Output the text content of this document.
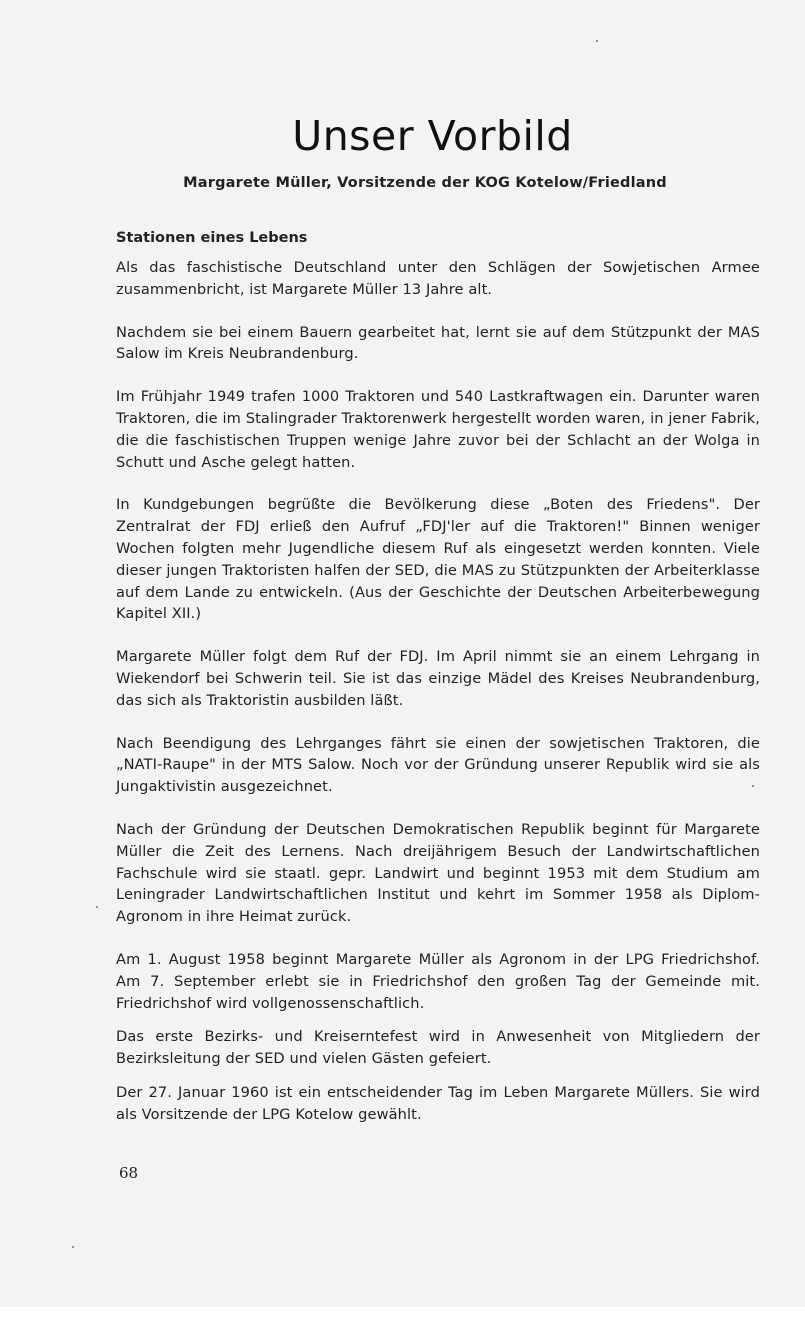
Unser Vorbild
Margarete Müller, Vorsitzende der KOG Kotelow/Friedland
Stationen eines Lebens

Als das faschistische Deutschland unter den Schlägen der Sowjetischen Armee zusammenbricht, ist Margarete Müller 13 Jahre alt.

Nachdem sie bei einem Bauern gearbeitet hat, lernt sie auf dem Stützpunkt der MAS Salow im Kreis Neubrandenburg.

Im Frühjahr 1949 trafen 1000 Traktoren und 540 Lastkraftwagen ein. Darunter waren Traktoren, die im Stalingrader Traktorenwerk hergestellt worden waren, in jener Fabrik, die die faschistischen Truppen wenige Jahre zuvor bei der Schlacht an der Wolga in Schutt und Asche gelegt hatten.

In Kundgebungen begrüßte die Bevölkerung diese „Boten des Friedens". Der Zentralrat der FDJ erließ den Aufruf „FDJ'ler auf die Traktoren!" Binnen weniger Wochen folgten mehr Jugendliche diesem Ruf als eingesetzt werden konnten. Viele dieser jungen Traktoristen halfen der SED, die MAS zu Stützpunkten der Arbeiterklasse auf dem Lande zu entwickeln. (Aus der Geschichte der Deutschen Arbeiterbewegung Kapitel XII.)

Margarete Müller folgt dem Ruf der FDJ. Im April nimmt sie an einem Lehrgang in Wiekendorf bei Schwerin teil. Sie ist das einzige Mädel des Kreises Neubrandenburg, das sich als Traktoristin ausbilden läßt.

Nach Beendigung des Lehrganges fährt sie einen der sowjetischen Traktoren, die „NATI-Raupe" in der MTS Salow. Noch vor der Gründung unserer Republik wird sie als Jungaktivistin ausgezeichnet.

Nach der Gründung der Deutschen Demokratischen Republik beginnt für Margarete Müller die Zeit des Lernens. Nach dreijährigem Besuch der Landwirtschaftlichen Fachschule wird sie staatl. gepr. Landwirt und beginnt 1953 mit dem Studium am Leningrader Landwirtschaftlichen Institut und kehrt im Sommer 1958 als Diplom-Agronom in ihre Heimat zurück.

Am 1. August 1958 beginnt Margarete Müller als Agronom in der LPG Friedrichshof. Am 7. September erlebt sie in Friedrichshof den großen Tag der Gemeinde mit. Friedrichshof wird vollgenossenschaftlich.

Das erste Bezirks- und Kreiserntefest wird in Anwesenheit von Mitgliedern der Bezirksleitung der SED und vielen Gästen gefeiert.

Der 27. Januar 1960 ist ein entscheidender Tag im Leben Margarete Müllers. Sie wird als Vorsitzende der LPG Kotelow gewählt.

68
